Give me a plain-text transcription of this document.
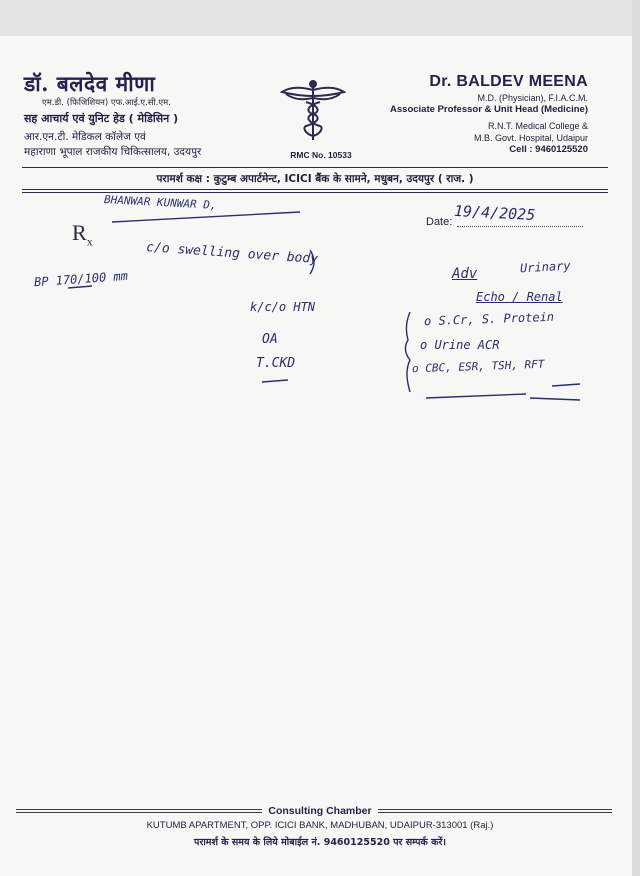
डॉ. बलदेव मीणा
एम.डी. (फिजिशियन) एफ.आई.ए.सी.एम.
सह आचार्य एवं युनिट हेड ( मेडिसिन )
आर.एन.टी. मेडिकल कॉलेज एवं
महाराणा भूपाल राजकीय चिकित्सालय, उदयपुर	RMC No. 10533
Dr. BALDEV MEENA
M.D. (Physician), F.I.A.C.M.
Associate Professor & Unit Head (Medicine)
R.N.T. Medical College &
M.B. Govt. Hospital, Udaipur
Cell : 9460125520
परामर्श कक्ष : कुटुम्ब अपार्टमेन्ट, ICICI बैंक के सामने, मधुबन, उदयपुर ( राज. )
$R_x$
Date: 19/4/2025
BHANWAR KUNWAR D,
c/o swelling over body
BP 170/100 mm
k/c/o HTN
OA
T.CKD
Adv	Urinary
Echo / Renal
o S.Cr, S. Protein
o Urine ACR
o CBC, ESR, TSH, RFT
Consulting Chamber
KUTUMB APARTMENT, OPP. ICICI BANK, MADHUBAN, UDAIPUR-313001 (Raj.)
परामर्श के समय के लिये मोबाईल नं. 9460125520 पर सम्पर्क करें।
